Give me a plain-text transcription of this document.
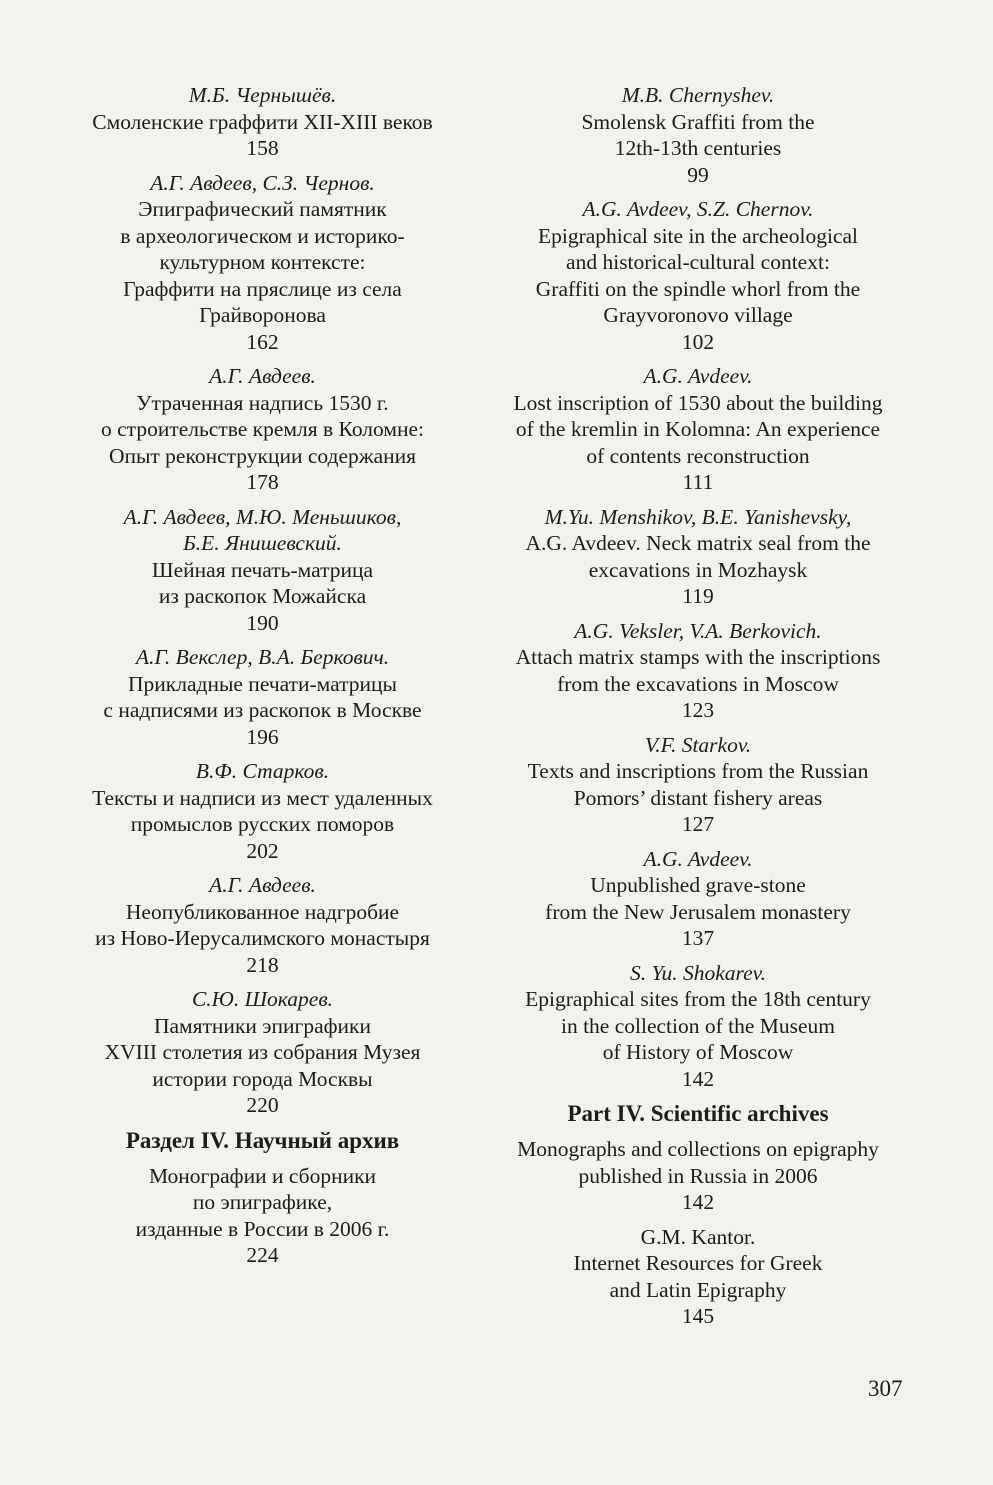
М.Б. Чернышёв.
Смоленские граффити XII-XIII веков
158
А.Г. Авдеев, С.З. Чернов.
Эпиграфический памятник
в археологическом и историко-
культурном контексте:
Граффити на пряслице из села
Грайворонова
162
А.Г. Авдеев.
Утраченная надпись 1530 г.
о строительстве кремля в Коломне:
Опыт реконструкции содержания
178
А.Г. Авдеев, М.Ю. Меньшиков,
Б.Е. Янишевский.
Шейная печать-матрица
из раскопок Можайска
190
А.Г. Векслер, В.А. Беркович.
Прикладные печати-матрицы
с надписями из раскопок в Москве
196
В.Ф. Старков.
Тексты и надписи из мест удаленных
промыслов русских поморов
202
А.Г. Авдеев.
Неопубликованное надгробие
из Ново-Иерусалимского монастыря
218
С.Ю. Шокарев.
Памятники эпиграфики
XVIII столетия из собрания Музея
истории города Москвы
220
Раздел IV. Научный архив
Монографии и сборники
по эпиграфике,
изданные в России в 2006 г.
224
M.B. Chernyshev.
Smolensk Graffiti from the
12th-13th centuries
99
A.G. Avdeev, S.Z. Chernov.
Epigraphical site in the archeological
and historical-cultural context:
Graffiti on the spindle whorl from the
Grayvoronovo village
102
A.G. Avdeev.
Lost inscription of 1530 about the building
of the kremlin in Kolomna: An experience
of contents reconstruction
111
M.Yu. Menshikov, B.E. Yanishevsky,
A.G. Avdeev. Neck matrix seal from the
excavations in Mozhaysk
119
A.G. Veksler, V.A. Berkovich.
Attach matrix stamps with the inscriptions
from the excavations in Moscow
123
V.F. Starkov.
Texts and inscriptions from the Russian
Pomors’ distant fishery areas
127
A.G. Avdeev.
Unpublished grave-stone
from the New Jerusalem monastery
137
S. Yu. Shokarev.
Epigraphical sites from the 18th century
in the collection of the Museum
of History of Moscow
142
Part IV. Scientific archives
Monographs and collections on epigraphy
published in Russia in 2006
142
G.M. Kantor.
Internet Resources for Greek
and Latin Epigraphy
145
307
